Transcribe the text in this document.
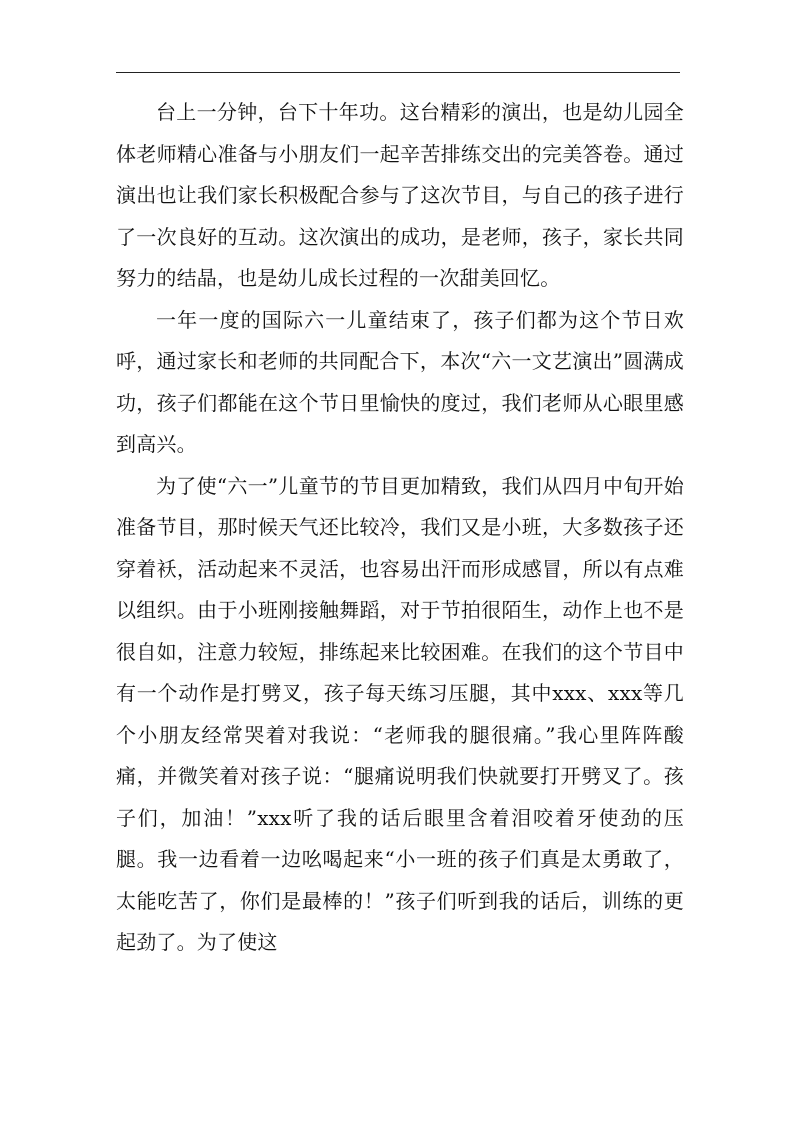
台上一分钟，台下十年功。这台精彩的演出，也是幼儿园全体老师精心准备与小朋友们一起辛苦排练交出的完美答卷。通过演出也让我们家长积极配合参与了这次节目，与自己的孩子进行了一次良好的互动。这次演出的成功，是老师，孩子，家长共同努力的结晶，也是幼儿成长过程的一次甜美回忆。

一年一度的国际六一儿童结束了，孩子们都为这个节日欢呼，通过家长和老师的共同配合下，本次“六一文艺演出”圆满成功，孩子们都能在这个节日里愉快的度过，我们老师从心眼里感到高兴。

为了使“六一”儿童节的节目更加精致，我们从四月中旬开始准备节目，那时候天气还比较冷，我们又是小班，大多数孩子还穿着袄，活动起来不灵活，也容易出汗而形成感冒，所以有点难以组织。由于小班刚接触舞蹈，对于节拍很陌生，动作上也不是很自如，注意力较短，排练起来比较困难。在我们的这个节目中有一个动作是打劈叉，孩子每天练习压腿，其中xxx、xxx等几个小朋友经常哭着对我说：“老师我的腿很痛。”我心里阵阵酸痛，并微笑着对孩子说：“腿痛说明我们快就要打开劈叉了。孩子们，加油！”xxx听了我的话后眼里含着泪咬着牙使劲的压腿。我一边看着一边吆喝起来“小一班的孩子们真是太勇敢了，太能吃苦了，你们是最棒的！”孩子们听到我的话后，训练的更起劲了。为了使这
